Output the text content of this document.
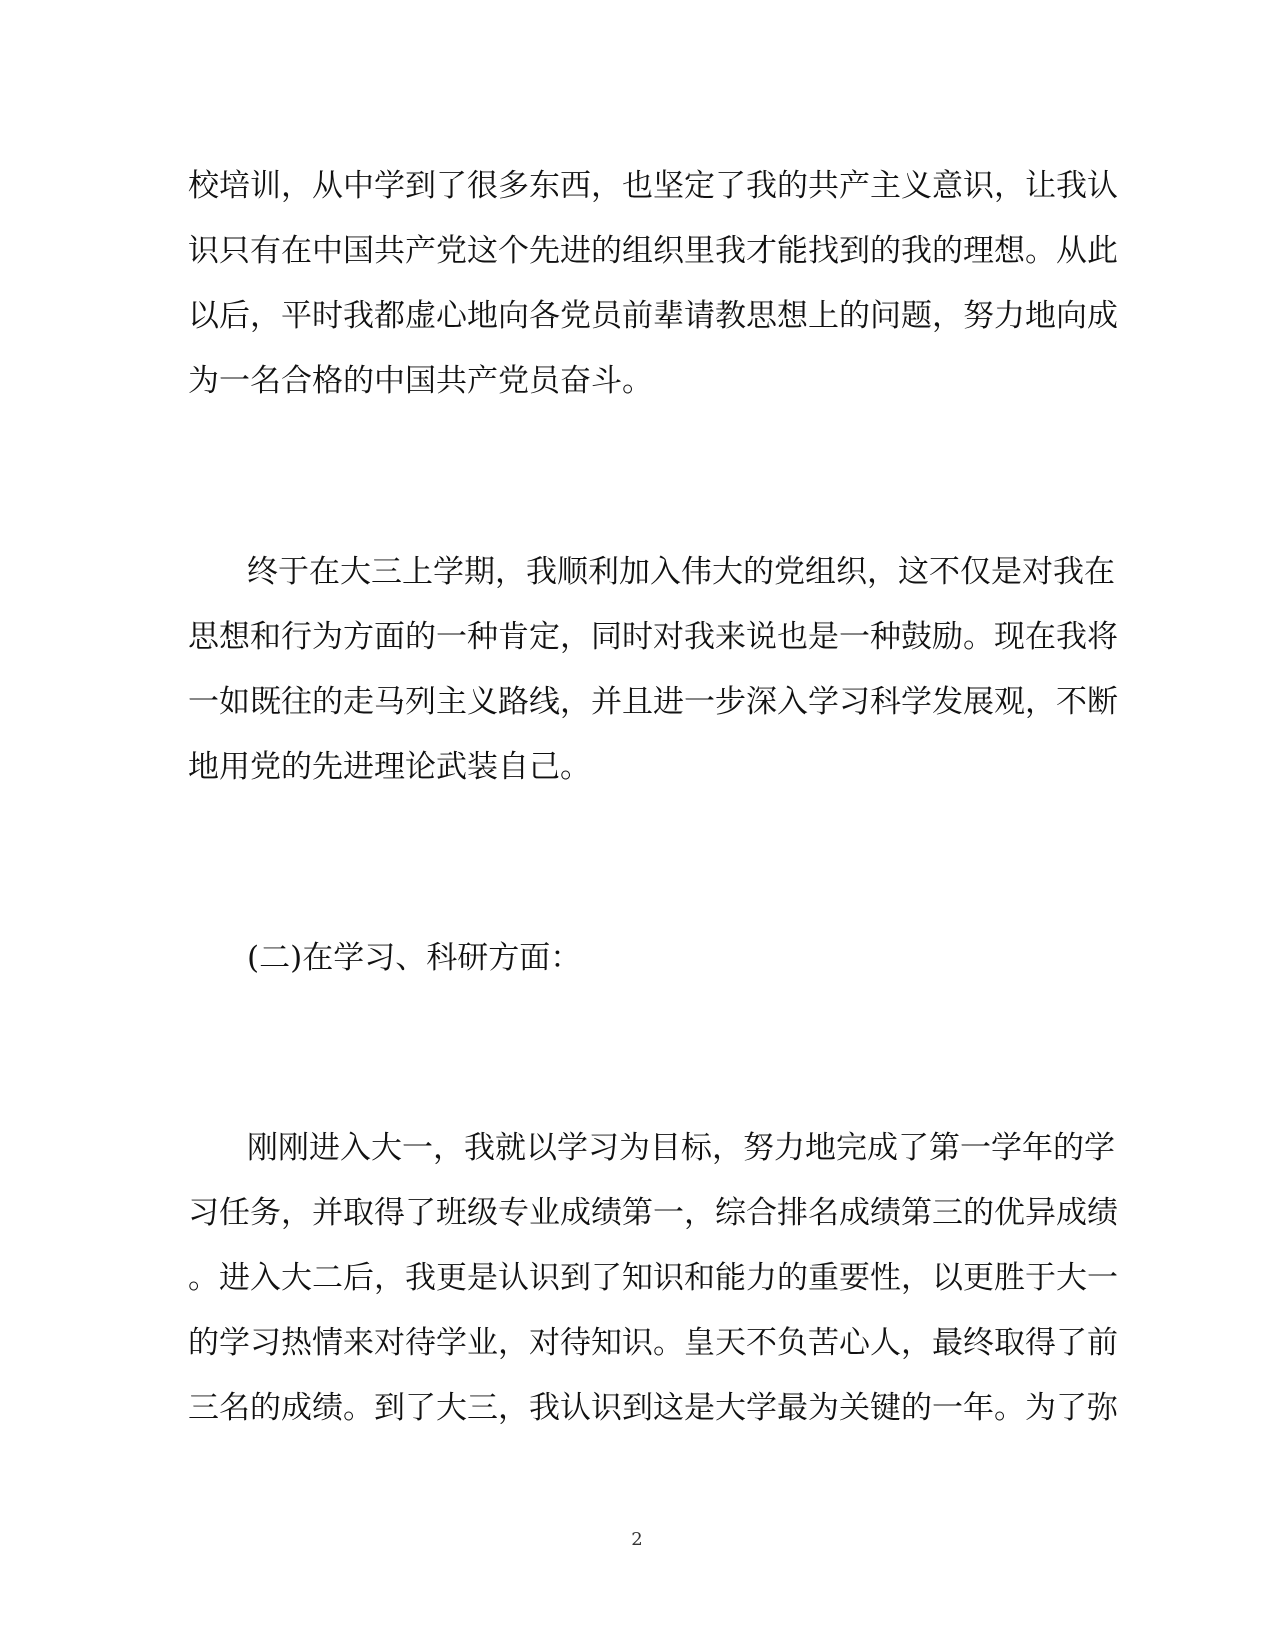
校培训，从中学到了很多东西，也坚定了我的共产主义意识，让我认
识只有在中国共产党这个先进的组织里我才能找到的我的理想。从此
以后，平时我都虚心地向各党员前辈请教思想上的问题，努力地向成
为一名合格的中国共产党员奋斗。
终于在大三上学期，我顺利加入伟大的党组织，这不仅是对我在
思想和行为方面的一种肯定，同时对我来说也是一种鼓励。现在我将
一如既往的走马列主义路线，并且进一步深入学习科学发展观，不断
地用党的先进理论武装自己。
(二)在学习、科研方面：
刚刚进入大一，我就以学习为目标，努力地完成了第一学年的学
习任务，并取得了班级专业成绩第一，综合排名成绩第三的优异成绩
。进入大二后，我更是认识到了知识和能力的重要性，以更胜于大一
的学习热情来对待学业，对待知识。皇天不负苦心人，最终取得了前
三名的成绩。到了大三，我认识到这是大学最为关键的一年。为了弥
2
